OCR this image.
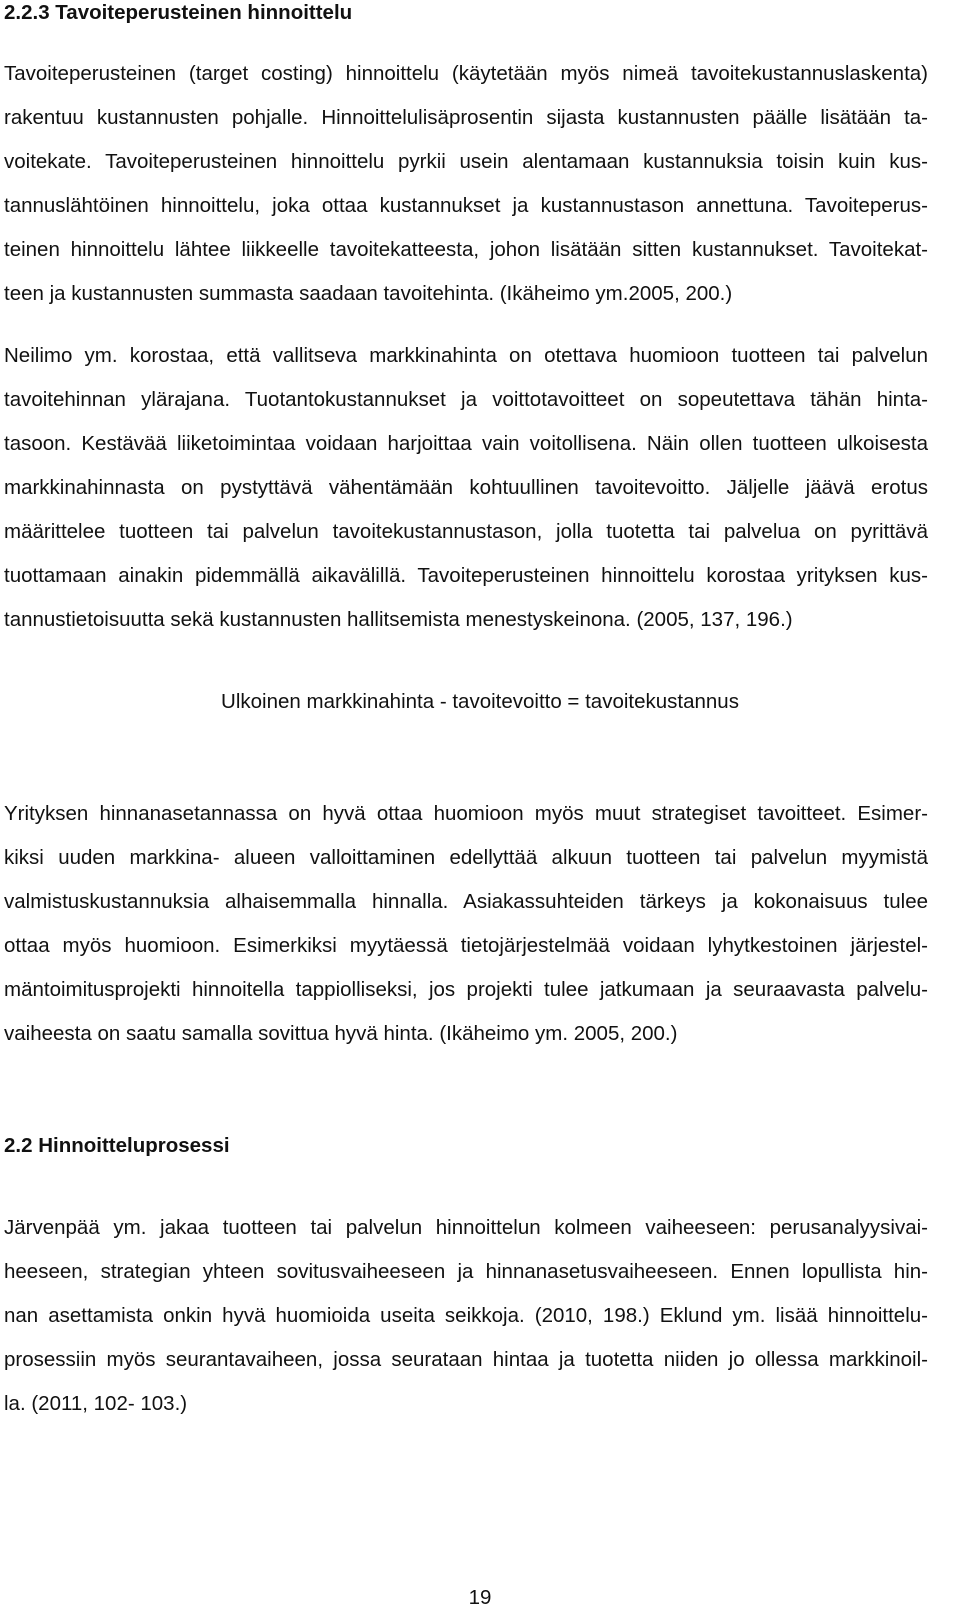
2.2.3 Tavoiteperusteinen hinnoittelu
Tavoiteperusteinen (target costing) hinnoittelu (käytetään myös nimeä tavoitekustannuslaskenta)
rakentuu kustannusten pohjalle. Hinnoittelulisäprosentin sijasta kustannusten päälle lisätään ta-
voitekate. Tavoiteperusteinen hinnoittelu pyrkii usein alentamaan kustannuksia toisin kuin kus-
tannuslähtöinen hinnoittelu, joka ottaa kustannukset ja kustannustason annettuna. Tavoiteperus-
teinen hinnoittelu lähtee liikkeelle tavoitekatteesta, johon lisätään sitten kustannukset. Tavoitekat-
teen ja kustannusten summasta saadaan tavoitehinta. (Ikäheimo ym.2005, 200.)
Neilimo ym. korostaa, että vallitseva markkinahinta on otettava huomioon tuotteen tai palvelun
tavoitehinnan ylärajana. Tuotantokustannukset ja voittotavoitteet on sopeutettava tähän hinta-
tasoon. Kestävää liiketoimintaa voidaan harjoittaa vain voitollisena. Näin ollen tuotteen ulkoisesta
markkinahinnasta on pystyttävä vähentämään kohtuullinen tavoitevoitto. Jäljelle jäävä erotus
määrittelee tuotteen tai palvelun tavoitekustannustason, jolla tuotetta tai palvelua on pyrittävä
tuottamaan ainakin pidemmällä aikavälillä. Tavoiteperusteinen hinnoittelu korostaa yrityksen kus-
tannustietoisuutta sekä kustannusten hallitsemista menestyskeinona. (2005, 137, 196.)
Ulkoinen markkinahinta - tavoitevoitto = tavoitekustannus
Yrityksen hinnanasetannassa on hyvä ottaa huomioon myös muut strategiset tavoitteet. Esimer-
kiksi uuden markkina- alueen valloittaminen edellyttää alkuun tuotteen tai palvelun myymistä
valmistuskustannuksia alhaisemmalla hinnalla. Asiakassuhteiden tärkeys ja kokonaisuus tulee
ottaa myös huomioon. Esimerkiksi myytäessä tietojärjestelmää voidaan lyhytkestoinen järjestel-
mäntoimitusprojekti hinnoitella tappiolliseksi, jos projekti tulee jatkumaan ja seuraavasta palvelu-
vaiheesta on saatu samalla sovittua hyvä hinta. (Ikäheimo ym. 2005, 200.)
2.2 Hinnoitteluprosessi
Järvenpää ym. jakaa tuotteen tai palvelun hinnoittelun kolmeen vaiheeseen: perusanalyysivai-
heeseen, strategian yhteen sovitusvaiheeseen ja hinnanasetusvaiheeseen. Ennen lopullista hin-
nan asettamista onkin hyvä huomioida useita seikkoja. (2010, 198.) Eklund ym. lisää hinnoittelu-
prosessiin myös seurantavaiheen, jossa seurataan hintaa ja tuotetta niiden jo ollessa markkinoil-
la. (2011, 102- 103.)
19
